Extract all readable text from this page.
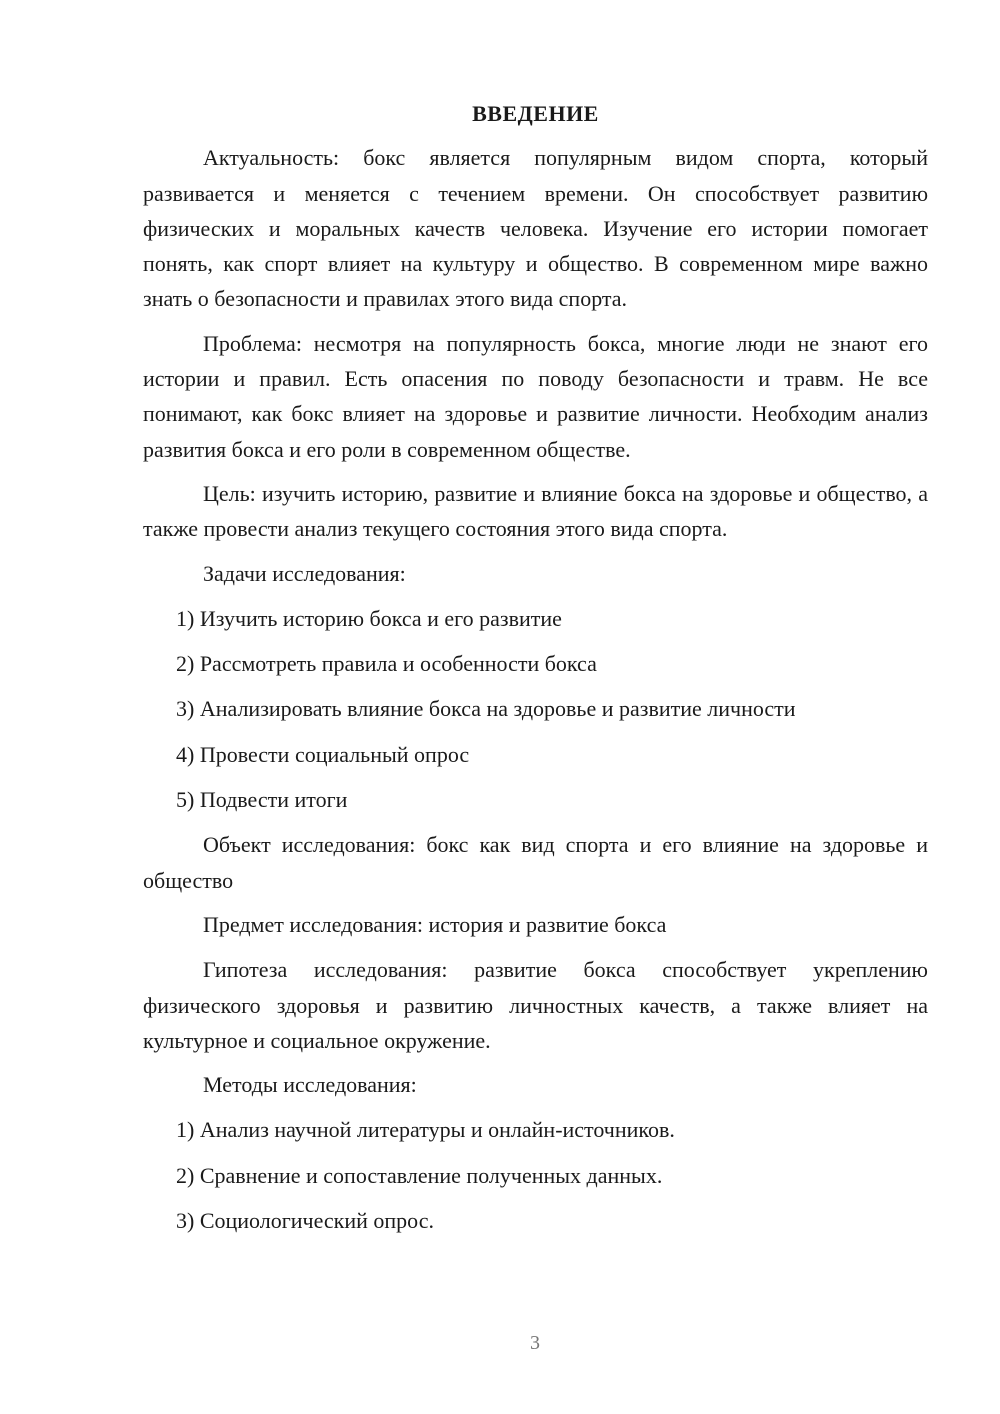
ВВЕДЕНИЕ

Актуальность: бокс является популярным видом спорта, который развивается и меняется с течением времени. Он способствует развитию физических и моральных качеств человека. Изучение его истории помогает понять, как спорт влияет на культуру и общество. В современном мире важно знать о безопасности и правилах этого вида спорта.

Проблема: несмотря на популярность бокса, многие люди не знают его истории и правил. Есть опасения по поводу безопасности и травм. Не все понимают, как бокс влияет на здоровье и развитие личности. Необходим анализ развития бокса и его роли в современном обществе.

Цель: изучить историю, развитие и влияние бокса на здоровье и общество, а также провести анализ текущего состояния этого вида спорта.

Задачи исследования:
1) Изучить историю бокса и его развитие
2) Рассмотреть правила и особенности бокса
3) Анализировать влияние бокса на здоровье и развитие личности
4) Провести социальный опрос
5) Подвести итоги

Объект исследования: бокс как вид спорта и его влияние на здоровье и общество

Предмет исследования: история и развитие бокса

Гипотеза исследования: развитие бокса способствует укреплению физического здоровья и развитию личностных качеств, а также влияет на культурное и социальное окружение.

Методы исследования:
1) Анализ научной литературы и онлайн-источников.
2) Сравнение и сопоставление полученных данных.
3) Социологический опрос.
3
